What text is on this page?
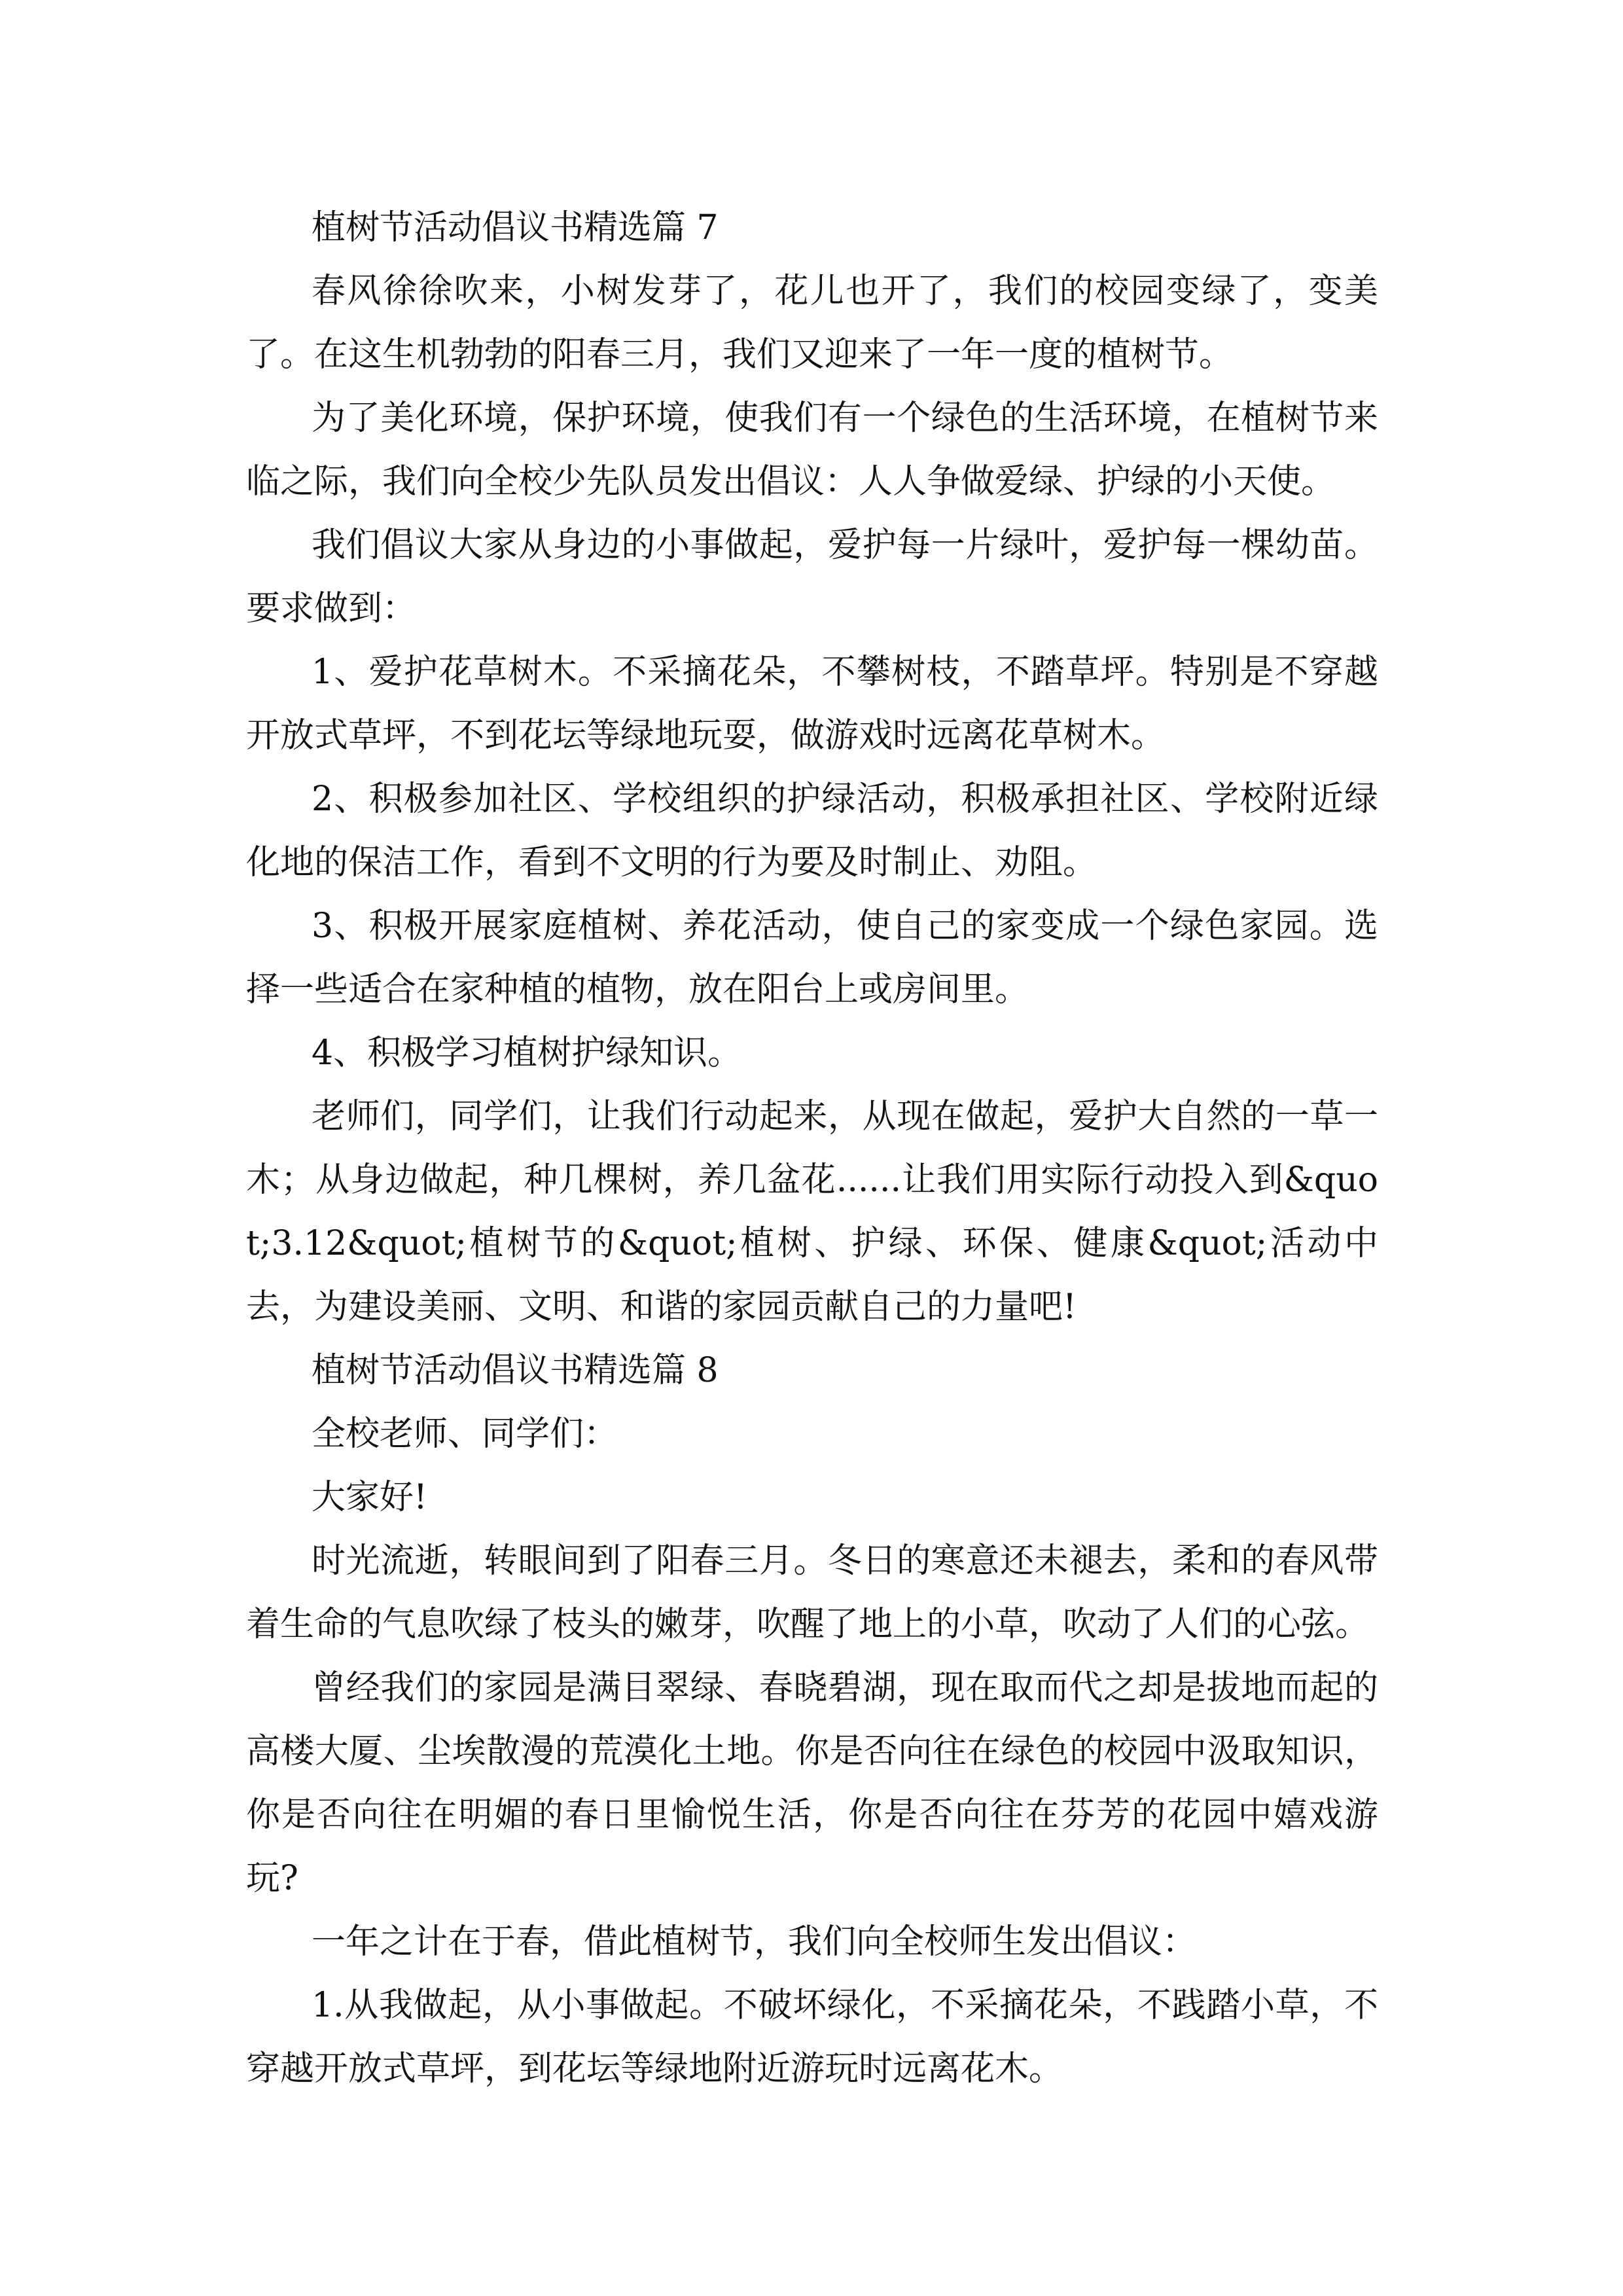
植树节活动倡议书精选篇 7

春风徐徐吹来，小树发芽了，花儿也开了，我们的校园变绿了，变美了。在这生机勃勃的阳春三月，我们又迎来了一年一度的植树节。

为了美化环境，保护环境，使我们有一个绿色的生活环境，在植树节来临之际，我们向全校少先队员发出倡议：人人争做爱绿、护绿的小天使。

我们倡议大家从身边的小事做起，爱护每一片绿叶，爱护每一棵幼苗。要求做到：

1、爱护花草树木。不采摘花朵，不攀树枝，不踏草坪。特别是不穿越开放式草坪，不到花坛等绿地玩耍，做游戏时远离花草树木。

2、积极参加社区、学校组织的护绿活动，积极承担社区、学校附近绿化地的保洁工作，看到不文明的行为要及时制止、劝阻。

3、积极开展家庭植树、养花活动，使自己的家变成一个绿色家园。选择一些适合在家种植的植物，放在阳台上或房间里。

4、积极学习植树护绿知识。

老师们，同学们，让我们行动起来，从现在做起，爱护大自然的一草一木；从身边做起，种几棵树，养几盆花......让我们用实际行动投入到&quot;3.12&quot;植树节的&quot;植树、护绿、环保、健康&quot;活动中去，为建设美丽、文明、和谐的家园贡献自己的力量吧!

植树节活动倡议书精选篇 8

全校老师、同学们：

大家好!

时光流逝，转眼间到了阳春三月。冬日的寒意还未褪去，柔和的春风带着生命的气息吹绿了枝头的嫩芽，吹醒了地上的小草，吹动了人们的心弦。

曾经我们的家园是满目翠绿、春晓碧湖，现在取而代之却是拔地而起的高楼大厦、尘埃散漫的荒漠化土地。你是否向往在绿色的校园中汲取知识，你是否向往在明媚的春日里愉悦生活，你是否向往在芬芳的花园中嬉戏游玩?

一年之计在于春，借此植树节，我们向全校师生发出倡议：

1.从我做起，从小事做起。不破坏绿化，不采摘花朵，不践踏小草，不穿越开放式草坪，到花坛等绿地附近游玩时远离花木。
